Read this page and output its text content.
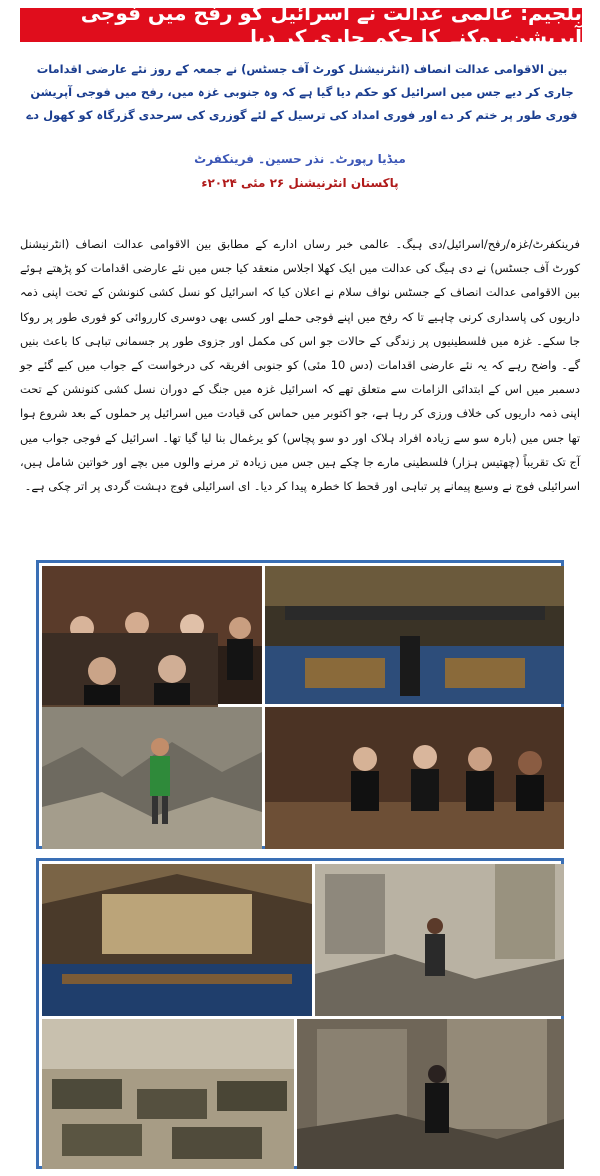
بلجیم: عالمی عدالت نے اسرائیل کو رفح میں فوجی آپریشن روکنے کا حکم جاری کر دیا
بین الاقوامی عدالت انصاف (انٹرنیشنل کورٹ آف جسٹس) نے جمعہ کے روز نئے عارضی اقدامات جاری کر دیے جس میں اسرائیل کو حکم دیا گیا ہے کہ وہ جنوبی غزہ میں، رفح میں فوجی آپریشن فوری طور پر ختم کر دے اور فوری امداد کی ترسیل کے لئے گوزری کی سرحدی گزرگاہ کو کھول دے
میڈیا رپورٹ۔ نذر حسین۔ فرینکفرٹ
پاکستان انٹرنیشنل ۲۶ مئی ۲۰۲۴ء
فرینکفرٹ/غزہ/رفح/اسرائیل/دی ہیگ۔ عالمی خبر رساں ادارے کے مطابق بین الاقوامی عدالت انصاف (انٹرنیشنل کورٹ آف جسٹس) نے دی ہیگ کی عدالت میں ایک کھلا اجلاس منعقد کیا جس میں نئے عارضی اقدامات کو پڑھتے ہوئے بین الاقوامی عدالت انصاف کے جسٹس نواف سلام نے اعلان کیا کہ اسرائیل کو نسل کشی کنونشن کے تحت اپنی ذمہ داریوں کی پاسداری کرنی چاہیے تا کہ رفح میں اپنے فوجی حملے اور کسی بھی دوسری کارروائی کو فوری طور پر روکا جا سکے۔ غزہ میں فلسطینیوں پر زندگی کے حالات جو اس کی مکمل اور جزوی طور پر جسمانی تباہی کا باعث بنیں گے۔ واضح رہے کہ یہ نئے عارضی اقدامات (دس 10 مئی) کو جنوبی افریقہ کی درخواست کے جواب میں کیے گئے جو دسمبر میں اس کے ابتدائی الزامات سے متعلق تھے کہ اسرائیل غزہ میں جنگ کے دوران نسل کشی کنونشن کے تحت اپنی ذمہ داریوں کی خلاف ورزی کر رہا ہے، جو اکتوبر میں حماس کی قیادت میں اسرائیل پر حملوں کے بعد شروع ہوا تھا جس میں (بارہ سو سے زیادہ افراد ہلاک اور دو سو پچاس) کو یرغمال بنا لیا گیا تھا۔ اسرائیل کے فوجی جواب میں آج تک تقریباً (چھتیس ہزار) فلسطینی مارے جا چکے ہیں جس میں زیادہ تر مرنے والوں میں بچے اور خواتین شامل ہیں، اسرائیلی فوج نے وسیع پیمانے پر تباہی اور قحط کا خطرہ پیدا کر دیا۔ ای اسرائیلی فوج دہشت گردی پر اتر چکی ہے۔
